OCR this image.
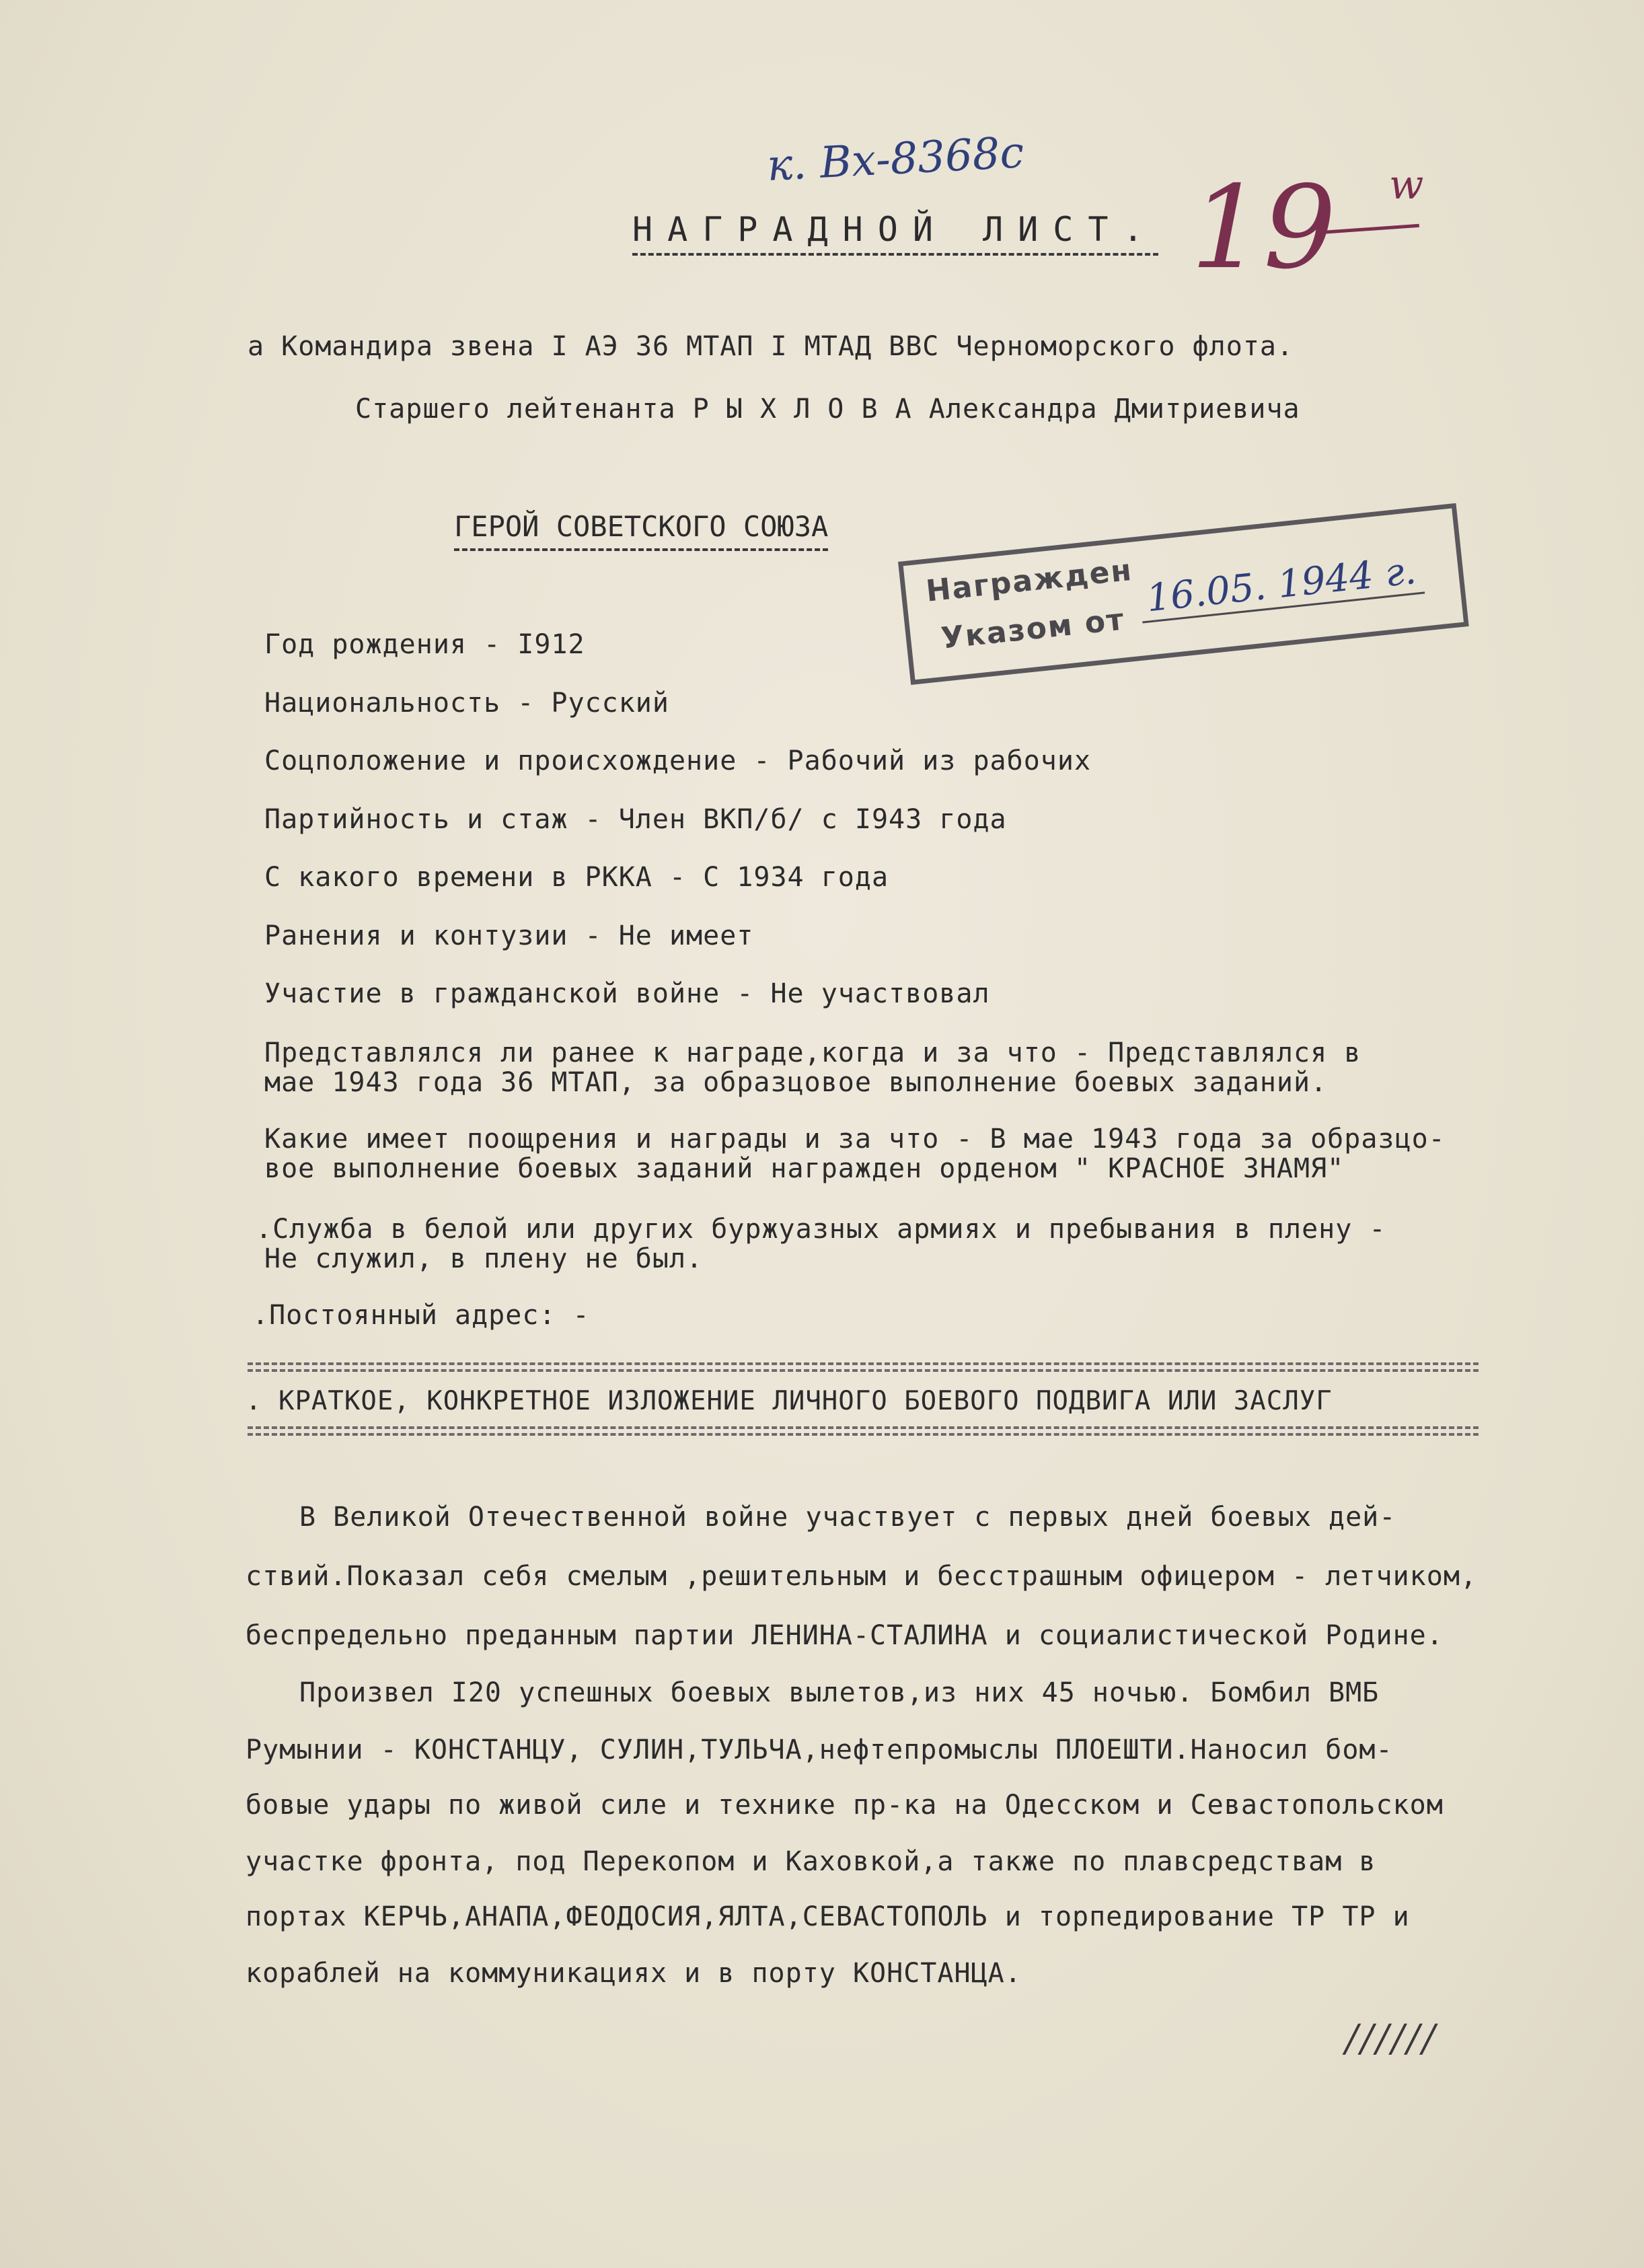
к. Вх-8368с
19 w
НАГРАДНОЙ ЛИСТ.
а Командира звена I АЭ 36 МТАП I МТАД ВВС Черноморского флота.
Старшего лейтенанта Р Ы Х Л О В А Александра Дмитриевича
ГЕРОЙ СОВЕТСКОГО СОЮЗА
Награжден
Указом от
16.05. 1944 г.
Год рождения - I912
Национальность - Русский
Соцположение и происхождение - Рабочий из рабочих
Партийность и стаж - Член ВКП/б/ с I943 года
С какого времени в РККА - С 1934 года
Ранения и контузии - Не имеет
Участие в гражданской войне - Не участвовал
Представлялся ли ранее к награде,когда и за что - Представлялся в
мае 1943 года 36 МТАП, за образцовое выполнение боевых заданий.
Какие имеет поощрения и награды и за что - В мае 1943 года за образцо-
вое выполнение боевых заданий награжден орденом " КРАСНОЕ ЗНАМЯ"
.Служба в белой или других буржуазных армиях и пребывания в плену -
Не служил, в плену не был.
.Постоянный адрес: -
. КРАТКОЕ, КОНКРЕТНОЕ ИЗЛОЖЕНИЕ ЛИЧНОГО БОЕВОГО ПОДВИГА ИЛИ ЗАСЛУГ
В Великой Отечественной войне участвует с первых дней боевых дей-
ствий.Показал себя смелым ,решительным и бесстрашным офицером - летчиком,
беспредельно преданным партии ЛЕНИНА-СТАЛИНА и социалистической Родине.
Произвел I20 успешных боевых вылетов,из них 45 ночью. Бомбил ВМБ
Румынии - КОНСТАНЦУ, СУЛИН,ТУЛЬЧА,нефтепромыслы ПЛОЕШТИ.Наносил бом-
бовые удары по живой силе и технике пр-ка на Одесском и Севастопольском
участке фронта, под Перекопом и Каховкой,а также по плавсредствам в
портах КЕРЧЬ,АНАПА,ФЕОДОСИЯ,ЯЛТА,СЕВАСТОПОЛЬ и торпедирование ТР ТР и
кораблей на коммуникациях и в порту КОНСТАНЦА.
//////
